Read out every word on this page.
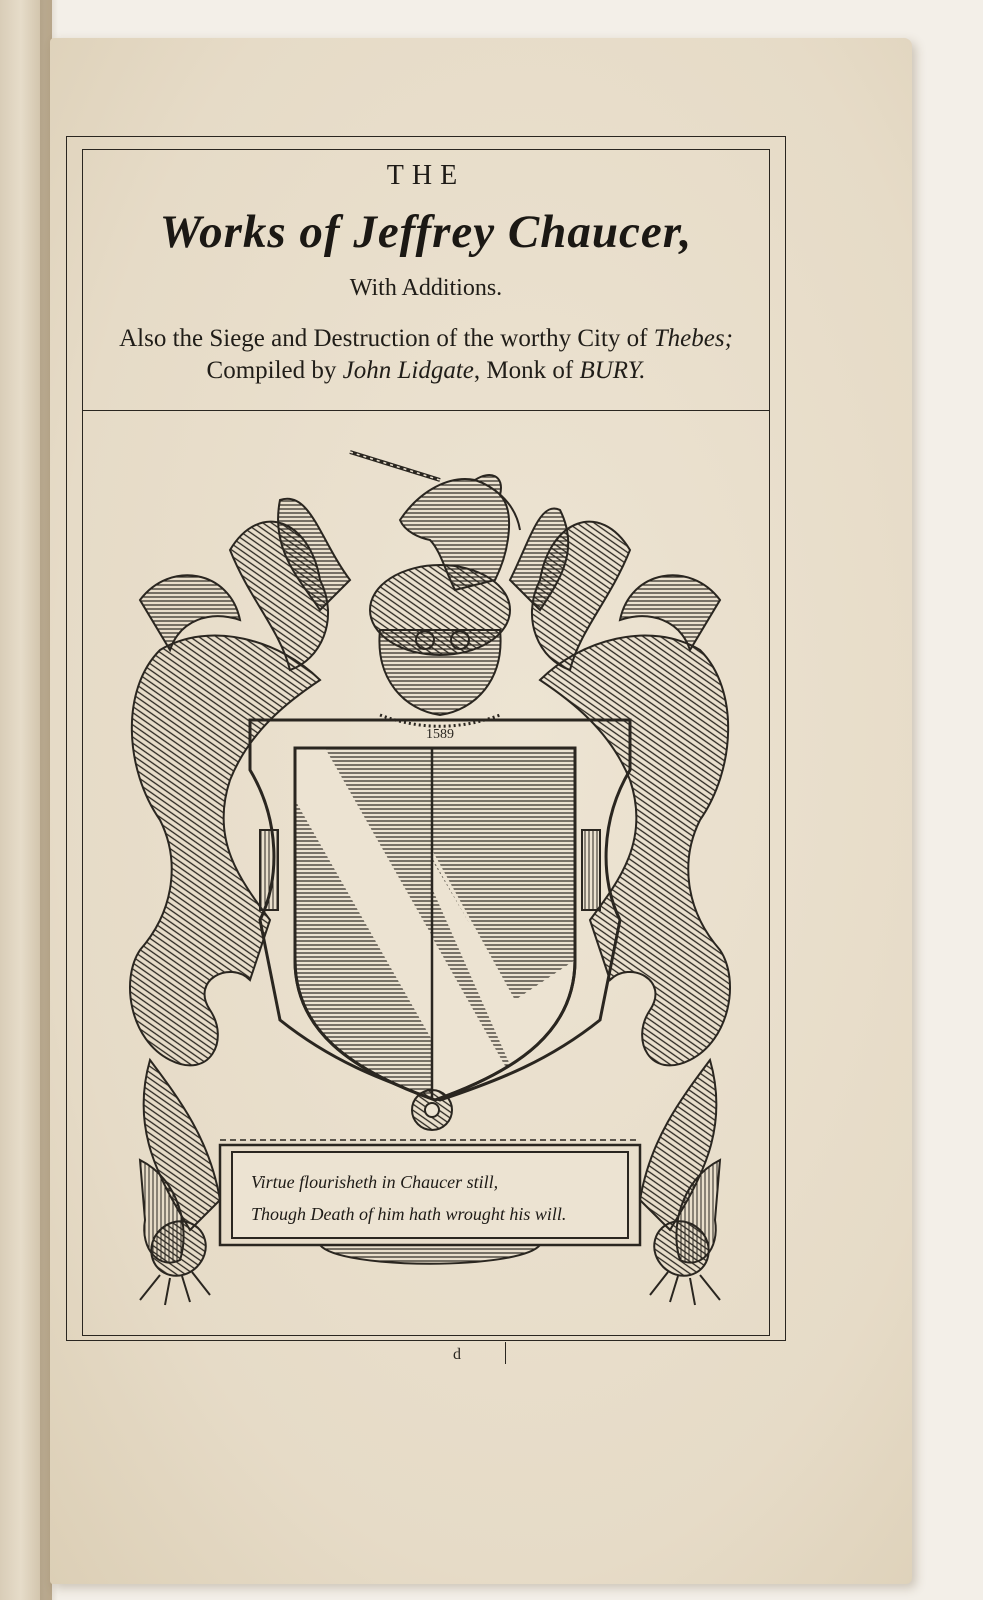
THE
Works of Jeffrey Chaucer,
With Additions.
Also the Siege and Destruction of the worthy City of Thebes;
Compiled by John Lidgate, Monk of BURY.
1589
Virtue flourisheth in Chaucer still,
Though Death of him hath wrought his will.
d
